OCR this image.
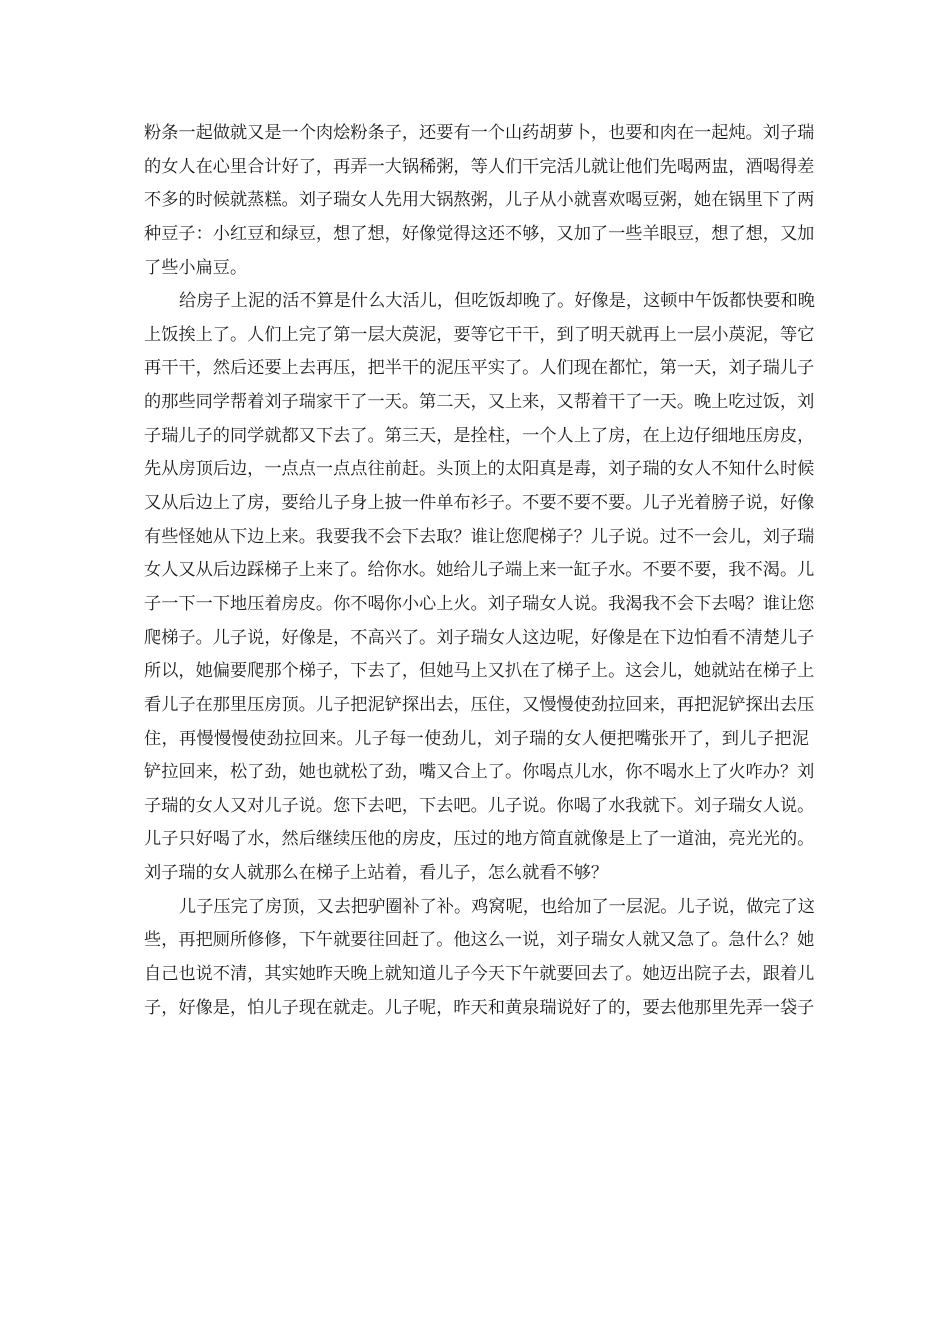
粉条一起做就又是一个肉烩粉条子，还要有一个山药胡萝卜，也要和肉在一起炖。刘子瑞
的女人在心里合计好了，再弄一大锅稀粥，等人们干完活儿就让他们先喝两盅，酒喝得差
不多的时候就蒸糕。刘子瑞女人先用大锅熬粥，儿子从小就喜欢喝豆粥，她在锅里下了两
种豆子：小红豆和绿豆，想了想，好像觉得这还不够，又加了一些羊眼豆，想了想，又加
了些小扁豆。
给房子上泥的活不算是什么大活儿，但吃饭却晚了。好像是，这顿中午饭都快要和晚
上饭挨上了。人们上完了第一层大䓞泥，要等它干干，到了明天就再上一层小䓞泥，等它
再干干，然后还要上去再压，把半干的泥压平实了。人们现在都忙，第一天，刘子瑞儿子
的那些同学帮着刘子瑞家干了一天。第二天，又上来，又帮着干了一天。晚上吃过饭，刘
子瑞儿子的同学就都又下去了。第三天，是拴柱，一个人上了房，在上边仔细地压房皮，
先从房顶后边，一点点一点点往前赶。头顶上的太阳真是毒，刘子瑞的女人不知什么时候
又从后边上了房，要给儿子身上披一件单布衫子。不要不要不要。儿子光着膀子说，好像
有些怪她从下边上来。我要我不会下去取？谁让您爬梯子？儿子说。过不一会儿，刘子瑞
女人又从后边踩梯子上来了。给你水。她给儿子端上来一缸子水。不要不要，我不渴。儿
子一下一下地压着房皮。你不喝你小心上火。刘子瑞女人说。我渴我不会下去喝？谁让您
爬梯子。儿子说，好像是，不高兴了。刘子瑞女人这边呢，好像是在下边怕看不清楚儿子
所以，她偏要爬那个梯子，下去了，但她马上又扒在了梯子上。这会儿，她就站在梯子上
看儿子在那里压房顶。儿子把泥铲探出去，压住，又慢慢使劲拉回来，再把泥铲探出去压
住，再慢慢慢使劲拉回来。儿子每一使劲儿，刘子瑞的女人便把嘴张开了，到儿子把泥
铲拉回来，松了劲，她也就松了劲，嘴又合上了。你喝点儿水，你不喝水上了火咋办？刘
子瑞的女人又对儿子说。您下去吧，下去吧。儿子说。你喝了水我就下。刘子瑞女人说。
儿子只好喝了水，然后继续压他的房皮，压过的地方简直就像是上了一道油，亮光光的。
刘子瑞的女人就那么在梯子上站着，看儿子，怎么就看不够？
儿子压完了房顶，又去把驴圈补了补。鸡窝呢，也给加了一层泥。儿子说，做完了这
些，再把厕所修修，下午就要往回赶了。他这么一说，刘子瑞女人就又急了。急什么？她
自己也说不清，其实她昨天晚上就知道儿子今天下午就要回去了。她迈出院子去，跟着儿
子，好像是，怕儿子现在就走。儿子呢，昨天和黄泉瑞说好了的，要去他那里先弄一袋子
